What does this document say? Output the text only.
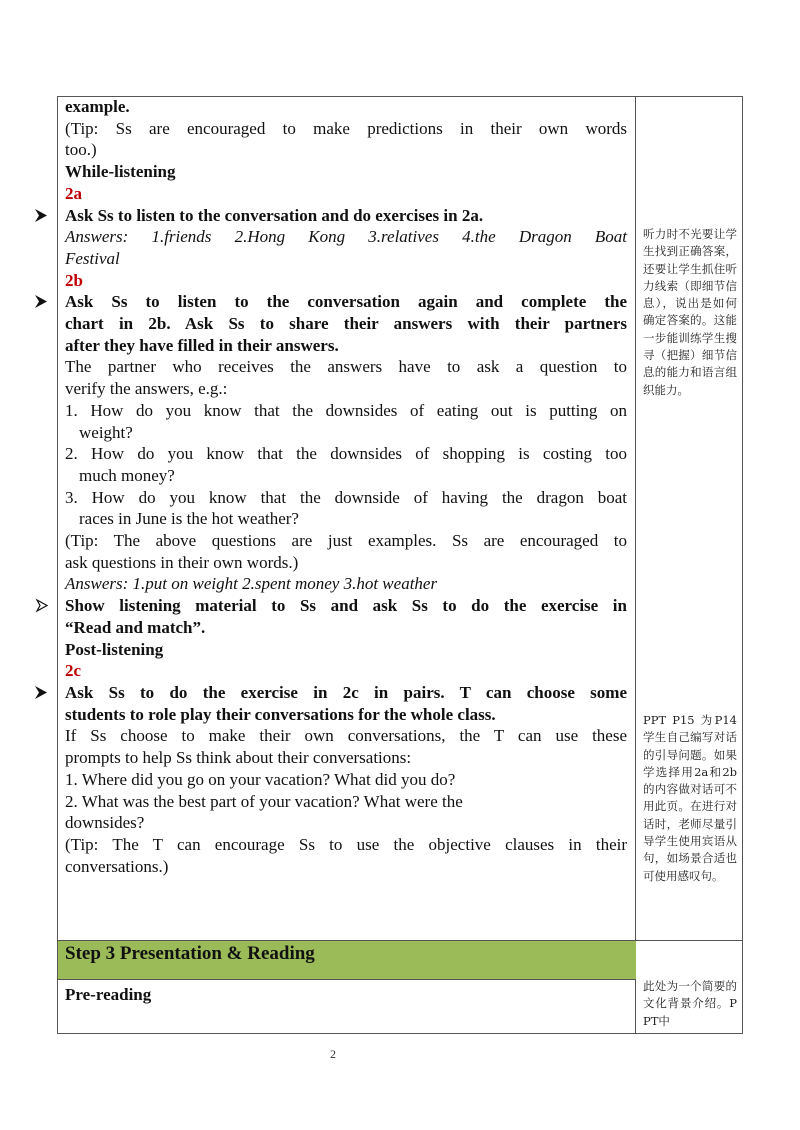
example.

(Tip: Ss are encouraged to make predictions in their own words

too.)

While-listening

2a

Ask Ss to listen to the conversation and do exercises in 2a.

Answers: 1.friends 2.Hong Kong 3.relatives 4.the Dragon Boat

Festival

2b

Ask Ss to listen to the conversation again and complete the

chart in 2b. Ask Ss to share their answers with their partners

after they have filled in their answers.

The partner who receives the answers have to ask a question to

verify the answers, e.g.:

1. How do you know that the downsides of eating out is putting on

weight?

2. How do you know that the downsides of shopping is costing too

much money?

3. How do you know that the downside of having the dragon boat

races in June is the hot weather?

(Tip: The above questions are just examples. Ss are encouraged to

ask questions in their own words.)

Answers: 1.put on weight 2.spent money 3.hot weather

Show listening material to Ss and ask Ss to do the exercise in

“Read and match”.

Post-listening

2c

Ask Ss to do the exercise in 2c in pairs. T can choose some

students to role play their conversations for the whole class.

If Ss choose to make their own conversations, the T can use these

prompts to help Ss think about their conversations:

1. Where did you go on your vacation? What did you do?

2. What was the best part of your vacation? What were the

downsides?

(Tip: The T can encourage Ss to use the objective clauses in their

conversations.)

听力时不光要让学生找到正确答案，还要让学生抓住听力线索（即细节信息），说出是如何确定答案的。这能一步能训练学生搜寻（把握）细节信息的能力和语言组织能力。
PPT P15 为P14学生自己编写对话的引导问题。如果学选择用2a和2b的内容做对话可不用此页。在进行对话时，老师尽量引导学生使用宾语从句，如场景合适也可使用感叹句。
此处为一个简要的文化背景介绍。PPT中
Step 3 Presentation & Reading
Pre-reading
2
